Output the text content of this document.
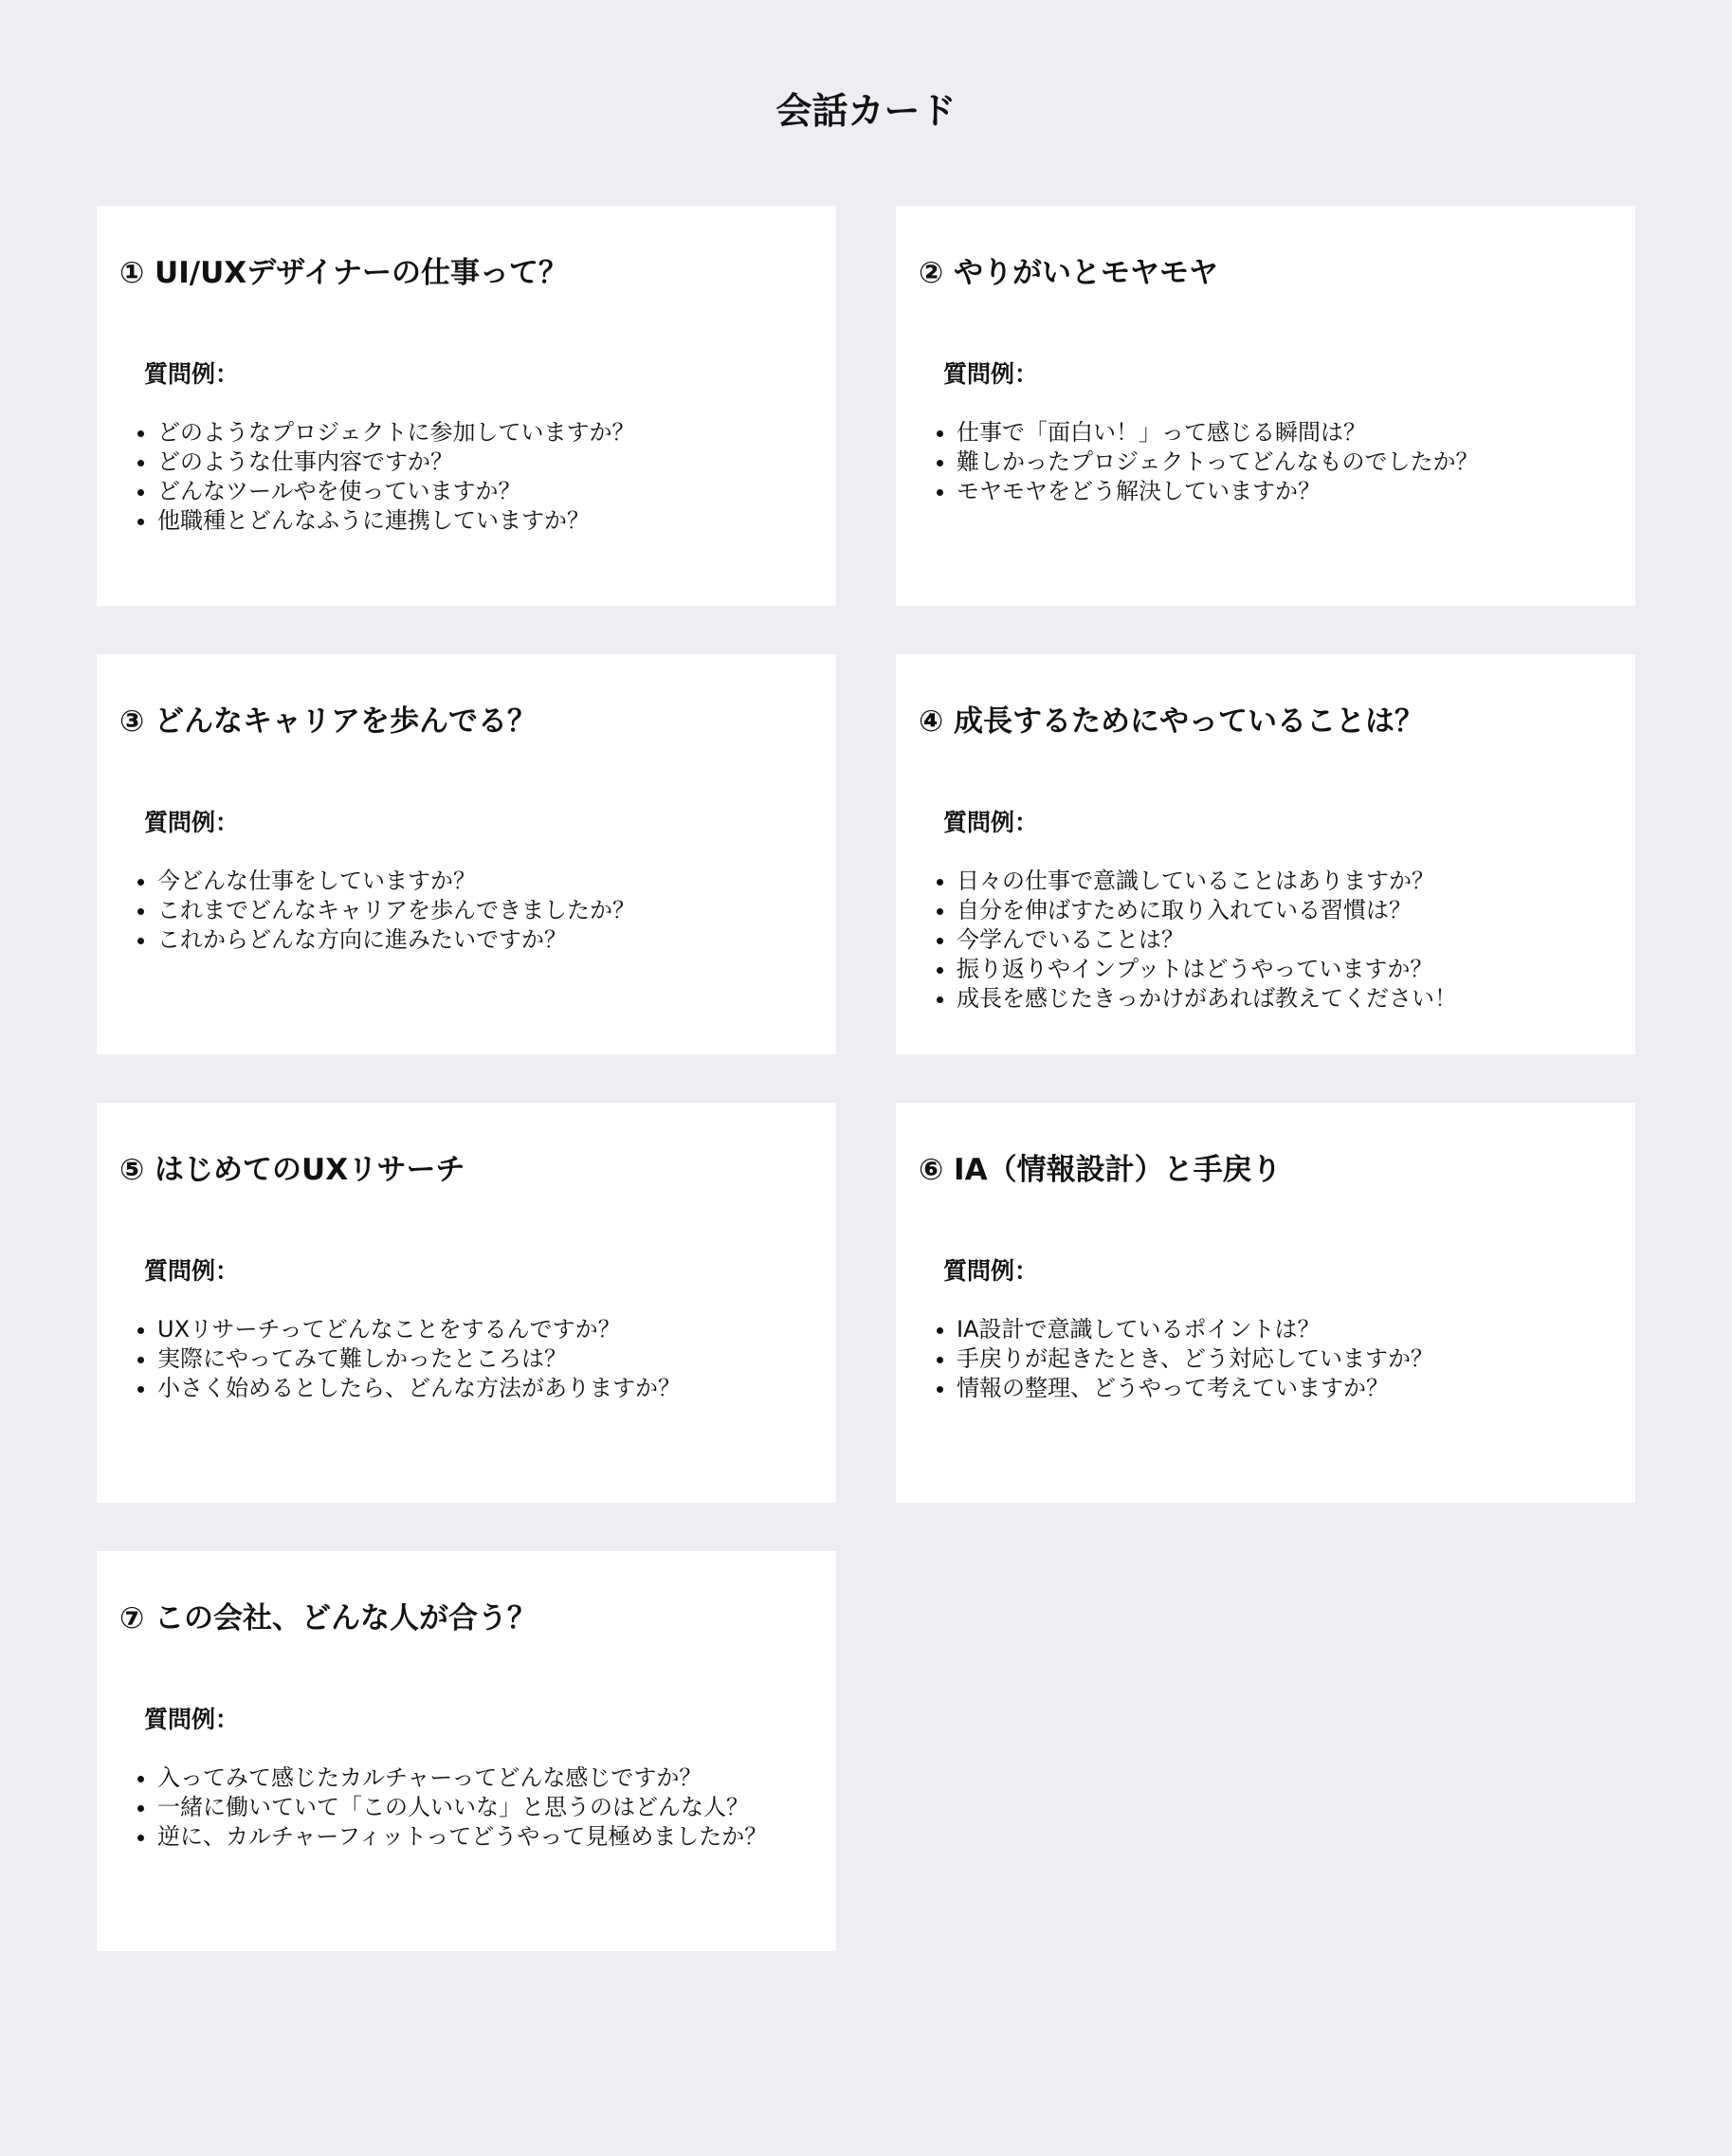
会話カード
① UI/UXデザイナーの仕事って？

質問例：

どのようなプロジェクトに参加していますか？
どのような仕事内容ですか？
どんなツールやを使っていますか？
他職種とどんなふうに連携していますか？
② やりがいとモヤモヤ

質問例：

仕事で「面白い！」って感じる瞬間は？
難しかったプロジェクトってどんなものでしたか？
モヤモヤをどう解決していますか？
③ どんなキャリアを歩んでる？

質問例：

今どんな仕事をしていますか？
これまでどんなキャリアを歩んできましたか？
これからどんな方向に進みたいですか？
④ 成長するためにやっていることは？

質問例：

日々の仕事で意識していることはありますか？
自分を伸ばすために取り入れている習慣は？
今学んでいることは？
振り返りやインプットはどうやっていますか？
成長を感じたきっかけがあれば教えてください！
⑤ はじめてのUXリサーチ

質問例：

UXリサーチってどんなことをするんですか？
実際にやってみて難しかったところは？
小さく始めるとしたら、どんな方法がありますか？
⑥ IA（情報設計）と手戻り

質問例：

IA設計で意識しているポイントは？
手戻りが起きたとき、どう対応していますか？
情報の整理、どうやって考えていますか？
⑦ この会社、どんな人が合う？

質問例：

入ってみて感じたカルチャーってどんな感じですか？
一緒に働いていて「この人いいな」と思うのはどんな人？
逆に、カルチャーフィットってどうやって見極めましたか？
